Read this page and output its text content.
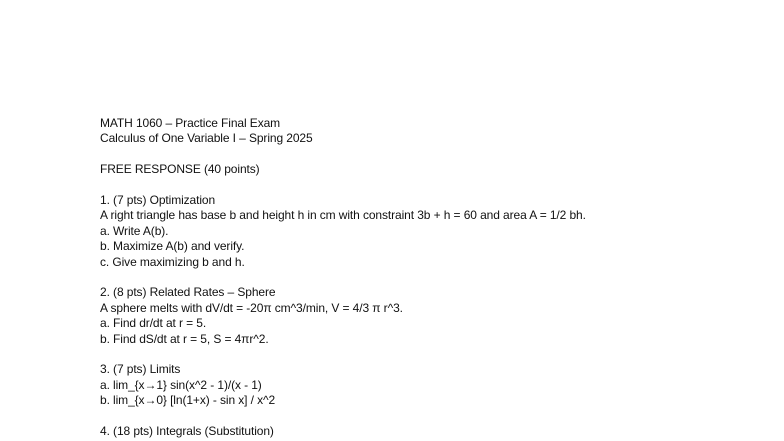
MATH 1060 – Practice Final Exam
Calculus of One Variable I – Spring 2025
FREE RESPONSE (40 points)
1. (7 pts) Optimization
A right triangle has base b and height h in cm with constraint 3b + h = 60 and area A = 1/2 bh.
a. Write A(b).
b. Maximize A(b) and verify.
c. Give maximizing b and h.
2. (8 pts) Related Rates – Sphere
A sphere melts with dV/dt = -20π cm^3/min, V = 4/3 π r^3.
a. Find dr/dt at r = 5.
b. Find dS/dt at r = 5, S = 4πr^2.
3. (7 pts) Limits
a. lim_{x→1} sin(x^2 - 1)/(x - 1)
b. lim_{x→0} [ln(1+x) - sin x] / x^2
4. (18 pts) Integrals (Substitution)
